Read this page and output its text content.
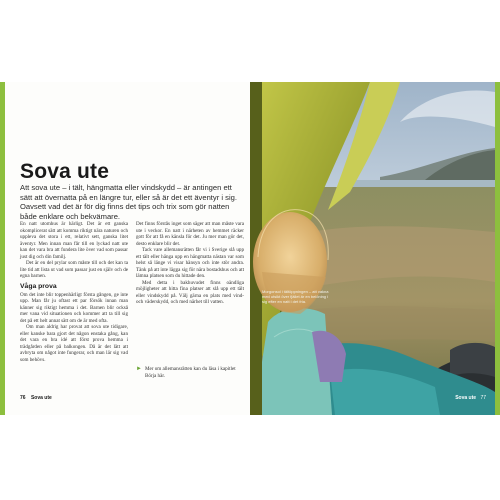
Sova ute

Att sova ute – i tält, hängmatta eller vindskydd – är antingen ett sätt att övernatta på en längre tur, eller så är det ett äventyr i sig. Oavsett vad det är för dig finns det tips och trix som gör natten både enklare och bekvämare.

En natt utomhus är härligt. Det är ett ganska okomplicerat sätt att komma riktigt nära naturen och uppleva det stora i ett, relativt sett, ganska litet äventyr. Men innan man får till en lyckad natt ute kan det vara bra att fundera lite över vad som passar just dig och din familj.

Det är en del prylar som måste till och det kan ta lite tid att lista ut vad som passar just en själv och de egna barnen.

Våga prova

Om det inte blir toppenhärligt första gången, ge inte upp. Man får ju oftast ett par försök innan man känner sig riktigt hemma i det. Barnen blir också mer vana vid situationen och kommer att ta till sig det på ett helt annat sätt om de är med ofta.

Om man aldrig har provat att sova ute tidigare, eller kanske bara gjort det någon enstaka gång, kan det vara en bra idé att först prova hemma i trädgården eller på balkongen. Då är det lätt att avbryta om något inte fungerar, och man lär sig vad som behövs.

Det finns förstås inget som säger att man måste vara ute i veckor. En natt i närheten av hemmet räcker gott för att få en känsla för det. Ju mer man gör det, desto enklare blir det.

Tack vare allemansrätten får vi i Sverige slå upp ett tält eller hänga upp en hängmatta nästan var som helst så länge vi visar hänsyn och inte stör andra. Tänk på att inte lägga sig för nära bostadshus och att lämna platsen som du hittade den.

Med detta i bakhuvudet finns oändliga möjligheter att hitta fina platser att slå upp ett tält eller vindskydd på. Välj gärna en plats med vind- och väderskydd, och med närhet till vatten.

► Mer om allemansrätten kan du läsa i kapitlet Börja här.
76 Sova ute

Morgonsol i tältöppningen – att vakna med utsikt över fjället är en belöning i sig efter en natt i det fria.

Sova ute 77
